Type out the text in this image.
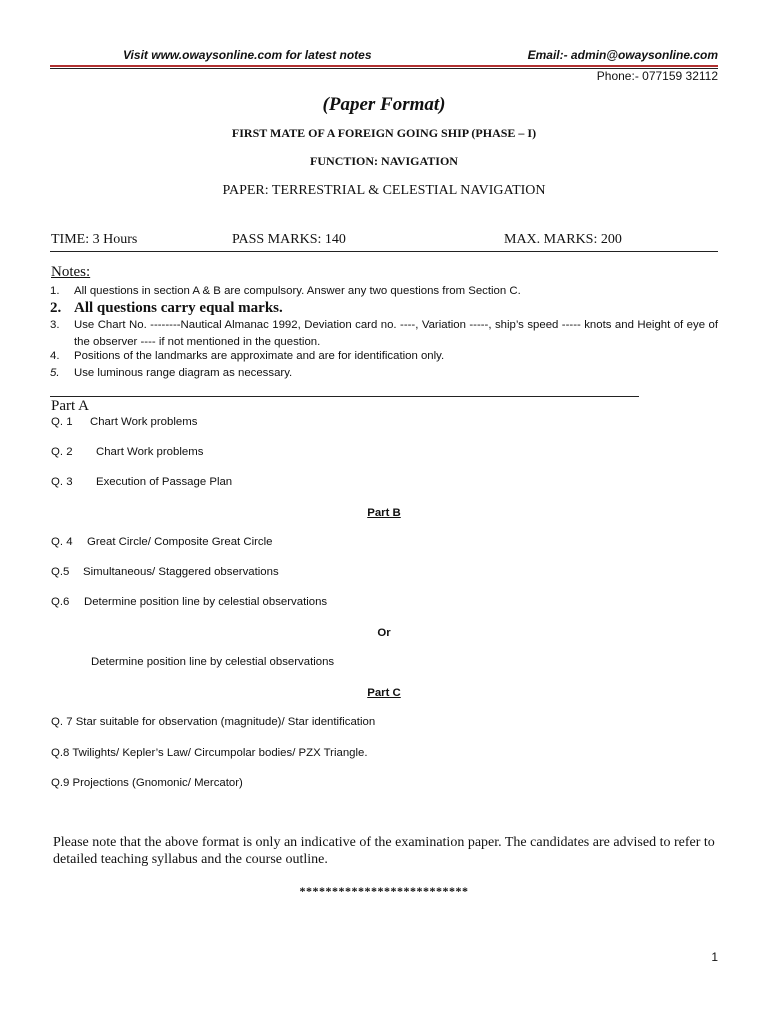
Visit www.owaysonline.com for latest notes	Email:- admin@owaysonline.com
Phone:- 077159 32112
(Paper Format)
FIRST MATE OF A FOREIGN GOING SHIP (PHASE – I)
FUNCTION: NAVIGATION
PAPER: TERRESTRIAL & CELESTIAL NAVIGATION
TIME: 3 Hours	PASS MARKS: 140	MAX. MARKS: 200
Notes:
1. All questions in section A & B are compulsory. Answer any two questions from Section C.
2. All questions carry equal marks.
3. Use Chart No. --------Nautical Almanac 1992, Deviation card no. ----, Variation -----, ship’s speed ----- knots and Height of eye of the observer ---- if not mentioned in the question.
4. Positions of the landmarks are approximate and are for identification only.
5. Use luminous range diagram as necessary.
Part A
Q. 1 Chart Work problems
Q. 2 Chart Work problems
Q. 3 Execution of Passage Plan
Part B
Q. 4 Great Circle/ Composite Great Circle
Q.5 Simultaneous/ Staggered observations
Q.6 Determine position line by celestial observations
Or
Determine position line by celestial observations
Part C
Q. 7 Star suitable for observation (magnitude)/ Star identification
Q.8 Twilights/ Kepler’s Law/ Circumpolar bodies/ PZX Triangle.
Q.9 Projections (Gnomonic/ Mercator)
Please note that the above format is only an indicative of the examination paper. The candidates are advised to refer to detailed teaching syllabus and the course outline.
**************************
1
